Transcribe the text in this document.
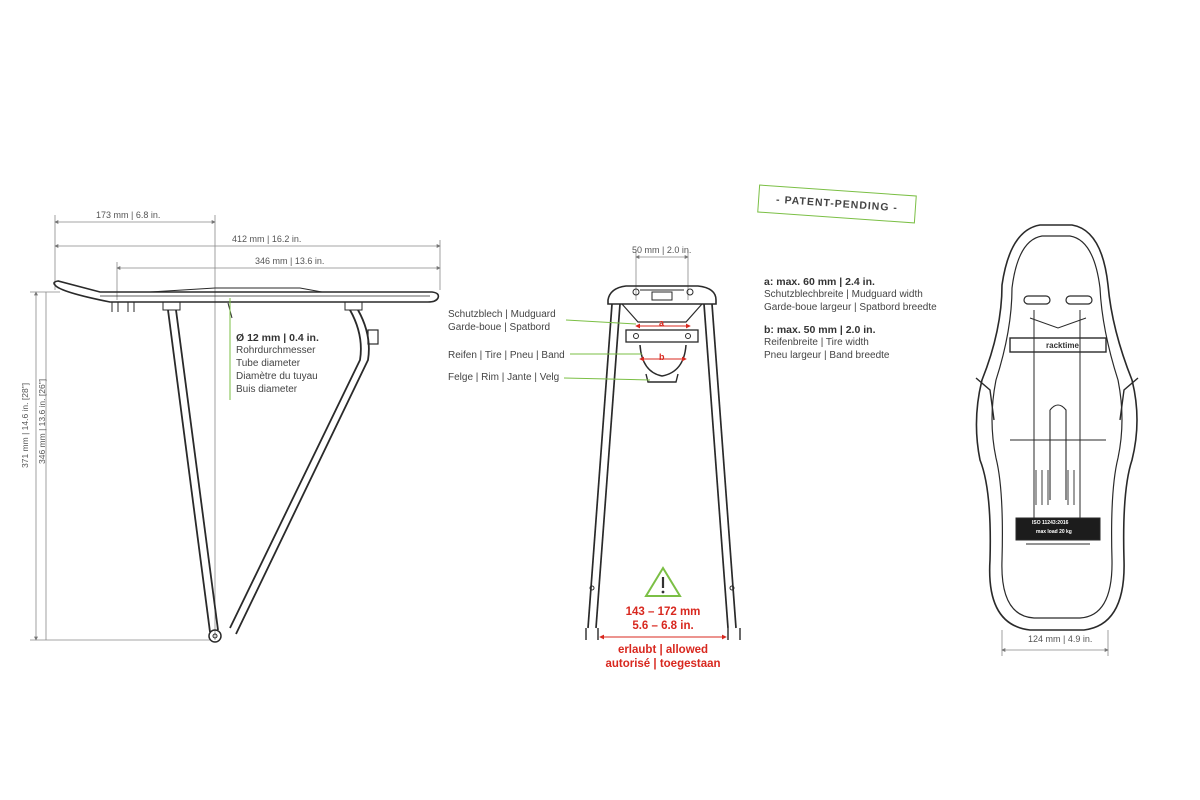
- PATENT-PENDING -
173 mm | 6.8 in.
412 mm | 16.2 in.
346 mm | 13.6 in.
371 mm | 14.6 in. [28"] 346 mm | 13.6 in. [26"]
Ø 12 mm | 0.4 in.
Rohrdurchmesser
Tube diameter
Diamètre du tuyau
Buis diameter
50 mm | 2.0 in.
Schutzblech | Mudguard
Garde-boue | Spatbord
Reifen | Tire | Pneu | Band
Felge | Rim | Jante | Velg
a
b
143 – 172 mm
5.6 – 6.8 in.
erlaubt | allowed
autorisé | toegestaan
a: max. 60 mm | 2.4 in.
Schutzblechbreite | Mudguard width
Garde-boue largeur | Spatbord breedte
b: max. 50 mm | 2.0 in.
Reifenbreite | Tire width
Pneu largeur | Band breedte
racktime
ISO 11243:2016
max load 20 kg
124 mm | 4.9 in.
